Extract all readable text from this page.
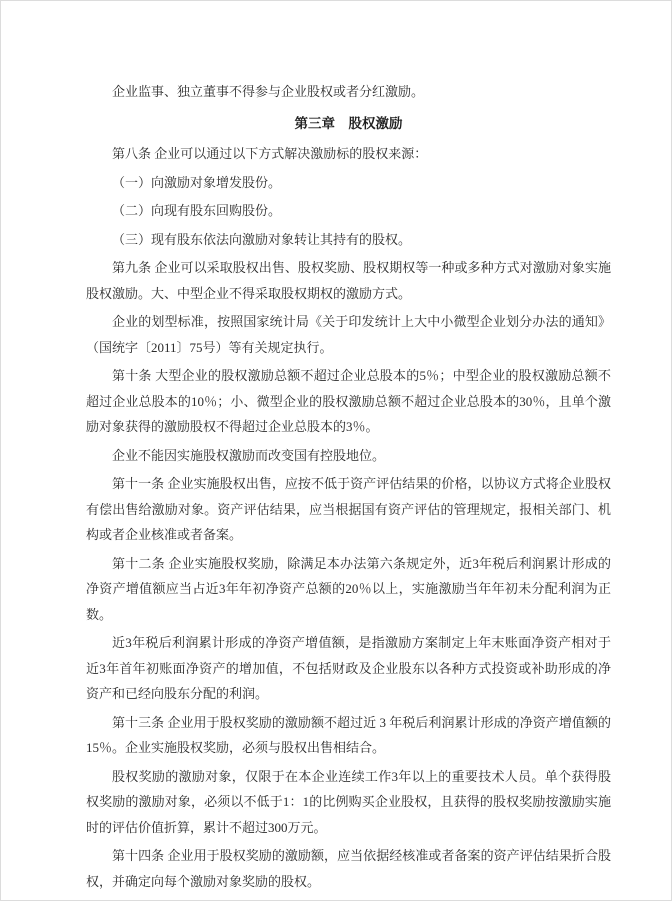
企业监事、独立董事不得参与企业股权或者分红激励。

第三章　股权激励

第八条 企业可以通过以下方式解决激励标的股权来源：

（一）向激励对象增发股份。

（二）向现有股东回购股份。

（三）现有股东依法向激励对象转让其持有的股权。

第九条 企业可以采取股权出售、股权奖励、股权期权等一种或多种方式对激励对象实施股权激励。大、中型企业不得采取股权期权的激励方式。

企业的划型标准，按照国家统计局《关于印发统计上大中小微型企业划分办法的通知》（国统字〔2011〕75号）等有关规定执行。

第十条 大型企业的股权激励总额不超过企业总股本的5％；中型企业的股权激励总额不超过企业总股本的10％；小、微型企业的股权激励总额不超过企业总股本的30％，且单个激励对象获得的激励股权不得超过企业总股本的3％。

企业不能因实施股权激励而改变国有控股地位。

第十一条 企业实施股权出售，应按不低于资产评估结果的价格，以协议方式将企业股权有偿出售给激励对象。资产评估结果，应当根据国有资产评估的管理规定，报相关部门、机构或者企业核准或者备案。

第十二条 企业实施股权奖励，除满足本办法第六条规定外，近3年税后利润累计形成的净资产增值额应当占近3年年初净资产总额的20％以上，实施激励当年年初未分配利润为正数。

近3年税后利润累计形成的净资产增值额，是指激励方案制定上年末账面净资产相对于近3年首年初账面净资产的增加值，不包括财政及企业股东以各种方式投资或补助形成的净资产和已经向股东分配的利润。

第十三条 企业用于股权奖励的激励额不超过近 3 年税后利润累计形成的净资产增值额的15％。企业实施股权奖励，必须与股权出售相结合。

股权奖励的激励对象，仅限于在本企业连续工作3年以上的重要技术人员。单个获得股权奖励的激励对象，必须以不低于1：1的比例购买企业股权，且获得的股权奖励按激励实施时的评估价值折算，累计不超过300万元。

第十四条 企业用于股权奖励的激励额，应当依据经核准或者备案的资产评估结果折合股权，并确定向每个激励对象奖励的股权。
